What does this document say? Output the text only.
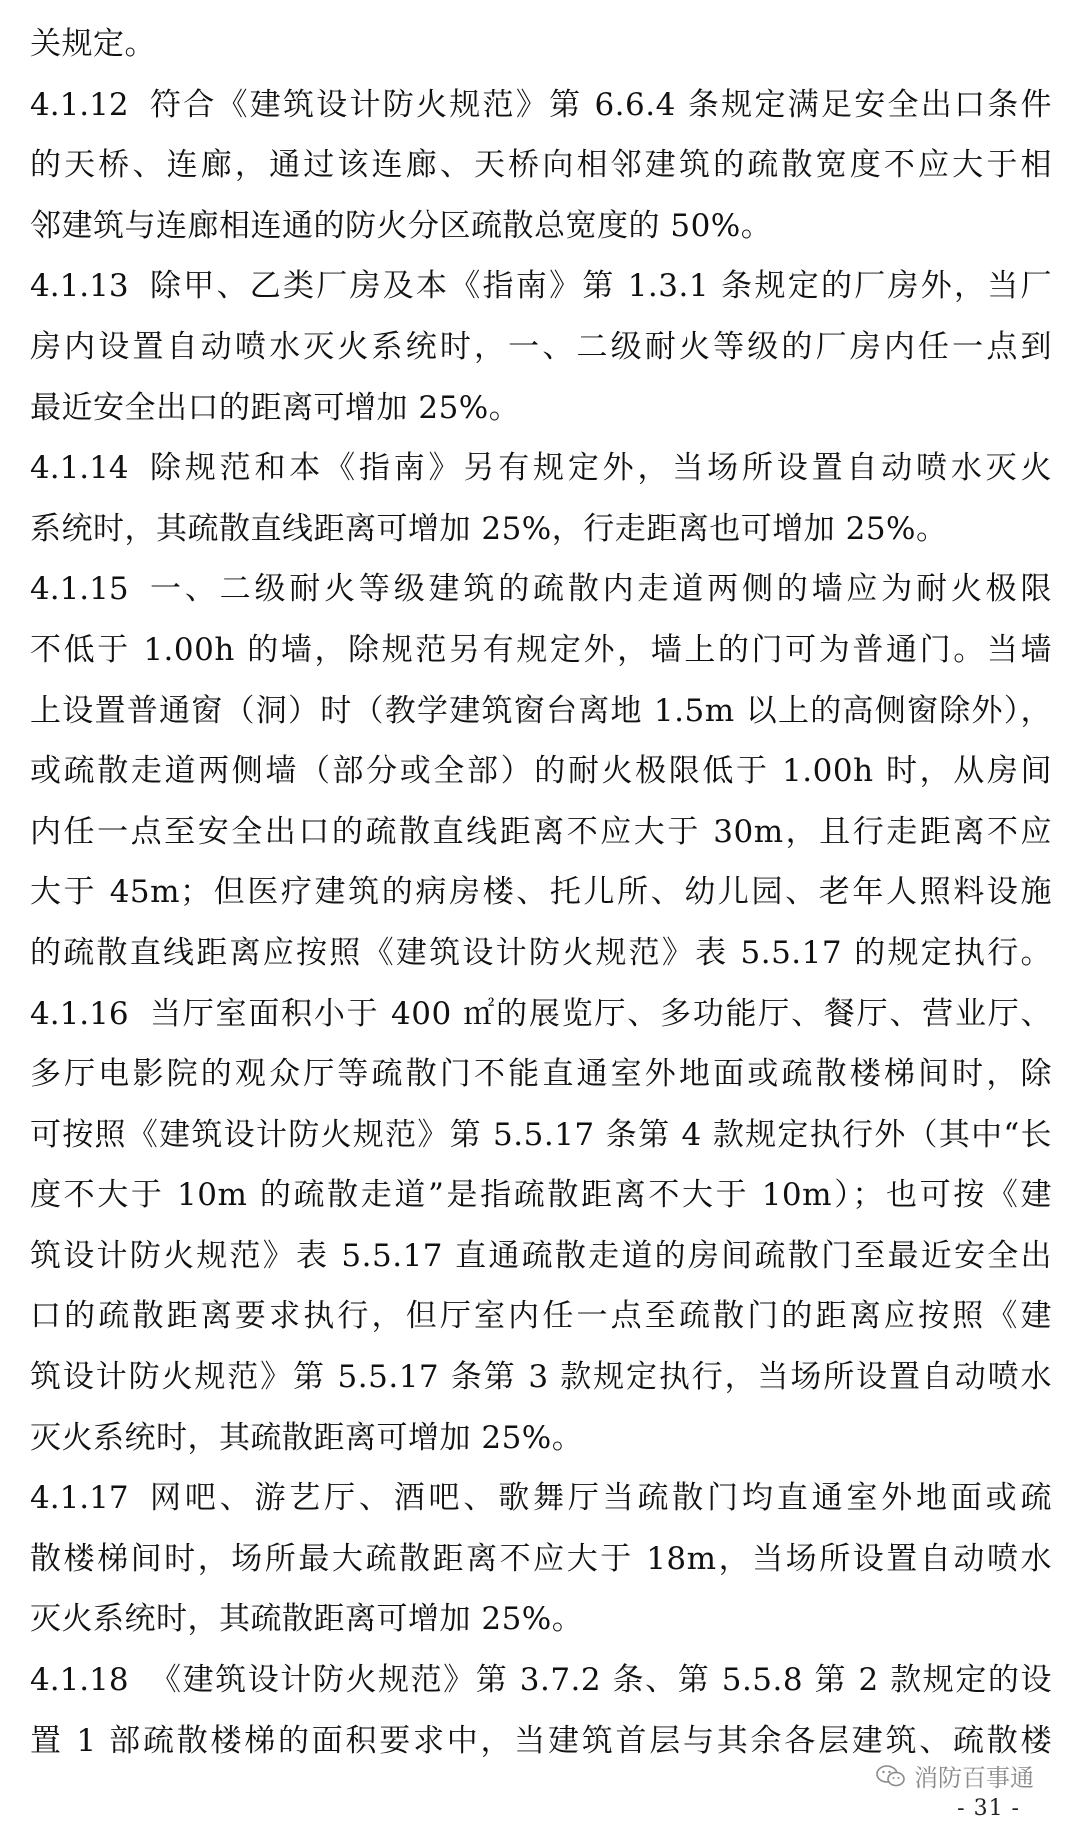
关规定。
4.1.12 符合《建筑设计防火规范》第 6.6.4 条规定满足安全出口条件
的天桥、连廊，通过该连廊、天桥向相邻建筑的疏散宽度不应大于相
邻建筑与连廊相连通的防火分区疏散总宽度的 50%。
4.1.13 除甲、乙类厂房及本《指南》第 1.3.1 条规定的厂房外，当厂
房内设置自动喷水灭火系统时，一、二级耐火等级的厂房内任一点到
最近安全出口的距离可增加 25%。
4.1.14 除规范和本《指南》另有规定外，当场所设置自动喷水灭火
系统时，其疏散直线距离可增加 25%，行走距离也可增加 25%。
4.1.15 一、二级耐火等级建筑的疏散内走道两侧的墙应为耐火极限
不低于 1.00h 的墙，除规范另有规定外，墙上的门可为普通门。当墙
上设置普通窗（洞）时（教学建筑窗台离地 1.5m 以上的高侧窗除外），
或疏散走道两侧墙（部分或全部）的耐火极限低于 1.00h 时，从房间
内任一点至安全出口的疏散直线距离不应大于 30m，且行走距离不应
大于 45m；但医疗建筑的病房楼、托儿所、幼儿园、老年人照料设施
的疏散直线距离应按照《建筑设计防火规范》表 5.5.17 的规定执行。
4.1.16 当厅室面积小于 400 ㎡的展览厅、多功能厅、餐厅、营业厅、
多厅电影院的观众厅等疏散门不能直通室外地面或疏散楼梯间时，除
可按照《建筑设计防火规范》第 5.5.17 条第 4 款规定执行外（其中“长
度不大于 10m 的疏散走道”是指疏散距离不大于 10m）；也可按《建
筑设计防火规范》表 5.5.17 直通疏散走道的房间疏散门至最近安全出
口的疏散距离要求执行，但厅室内任一点至疏散门的距离应按照《建
筑设计防火规范》第 5.5.17 条第 3 款规定执行，当场所设置自动喷水
灭火系统时，其疏散距离可增加 25%。
4.1.17 网吧、游艺厅、酒吧、歌舞厅当疏散门均直通室外地面或疏
散楼梯间时，场所最大疏散距离不应大于 18m，当场所设置自动喷水
灭火系统时，其疏散距离可增加 25%。
4.1.18 《建筑设计防火规范》第 3.7.2 条、第 5.5.8 第 2 款规定的设
置 1 部疏散楼梯的面积要求中，当建筑首层与其余各层建筑、疏散楼
消防百事通
- 31 -
